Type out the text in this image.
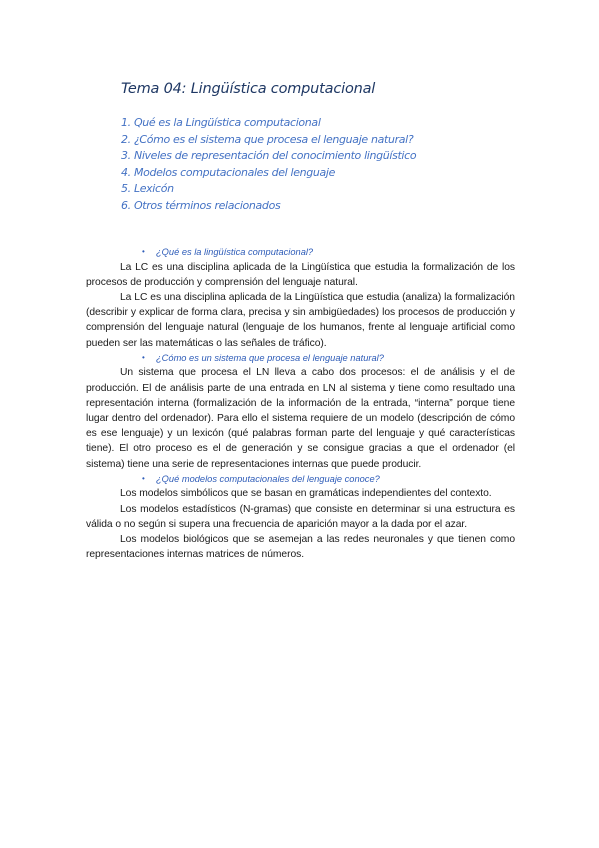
Tema 04: Lingüística computacional
1. Qué es la Lingüística computacional
2. ¿Cómo es el sistema que procesa el lenguaje natural?
3. Niveles de representación del conocimiento lingüístico
4. Modelos computacionales del lenguaje
5. Lexicón
6. Otros términos relacionados
• ¿Qué es la lingüística computacional?

La LC es una disciplina aplicada de la Lingüística que estudia la formalización de los procesos de producción y comprensión del lenguaje natural.

La LC es una disciplina aplicada de la Lingüística que estudia (analiza) la formalización (describir y explicar de forma clara, precisa y sin ambigüedades) los procesos de producción y comprensión del lenguaje natural (lenguaje de los humanos, frente al lenguaje artificial como pueden ser las matemáticas o las señales de tráfico).

• ¿Cómo es un sistema que procesa el lenguaje natural?

Un sistema que procesa el LN lleva a cabo dos procesos: el de análisis y el de producción. El de análisis parte de una entrada en LN al sistema y tiene como resultado una representación interna (formalización de la información de la entrada, “interna” porque tiene lugar dentro del ordenador). Para ello el sistema requiere de un modelo (descripción de cómo es ese lenguaje) y un lexicón (qué palabras forman parte del lenguaje y qué características tiene). El otro proceso es el de generación y se consigue gracias a que el ordenador (el sistema) tiene una serie de representaciones internas que puede producir.

• ¿Qué modelos computacionales del lenguaje conoce?

Los modelos simbólicos que se basan en gramáticas independientes del contexto.

Los modelos estadísticos (N-gramas) que consiste en determinar si una estructura es válida o no según si supera una frecuencia de aparición mayor a la dada por el azar.

Los modelos biológicos que se asemejan a las redes neuronales y que tienen como representaciones internas matrices de números.
